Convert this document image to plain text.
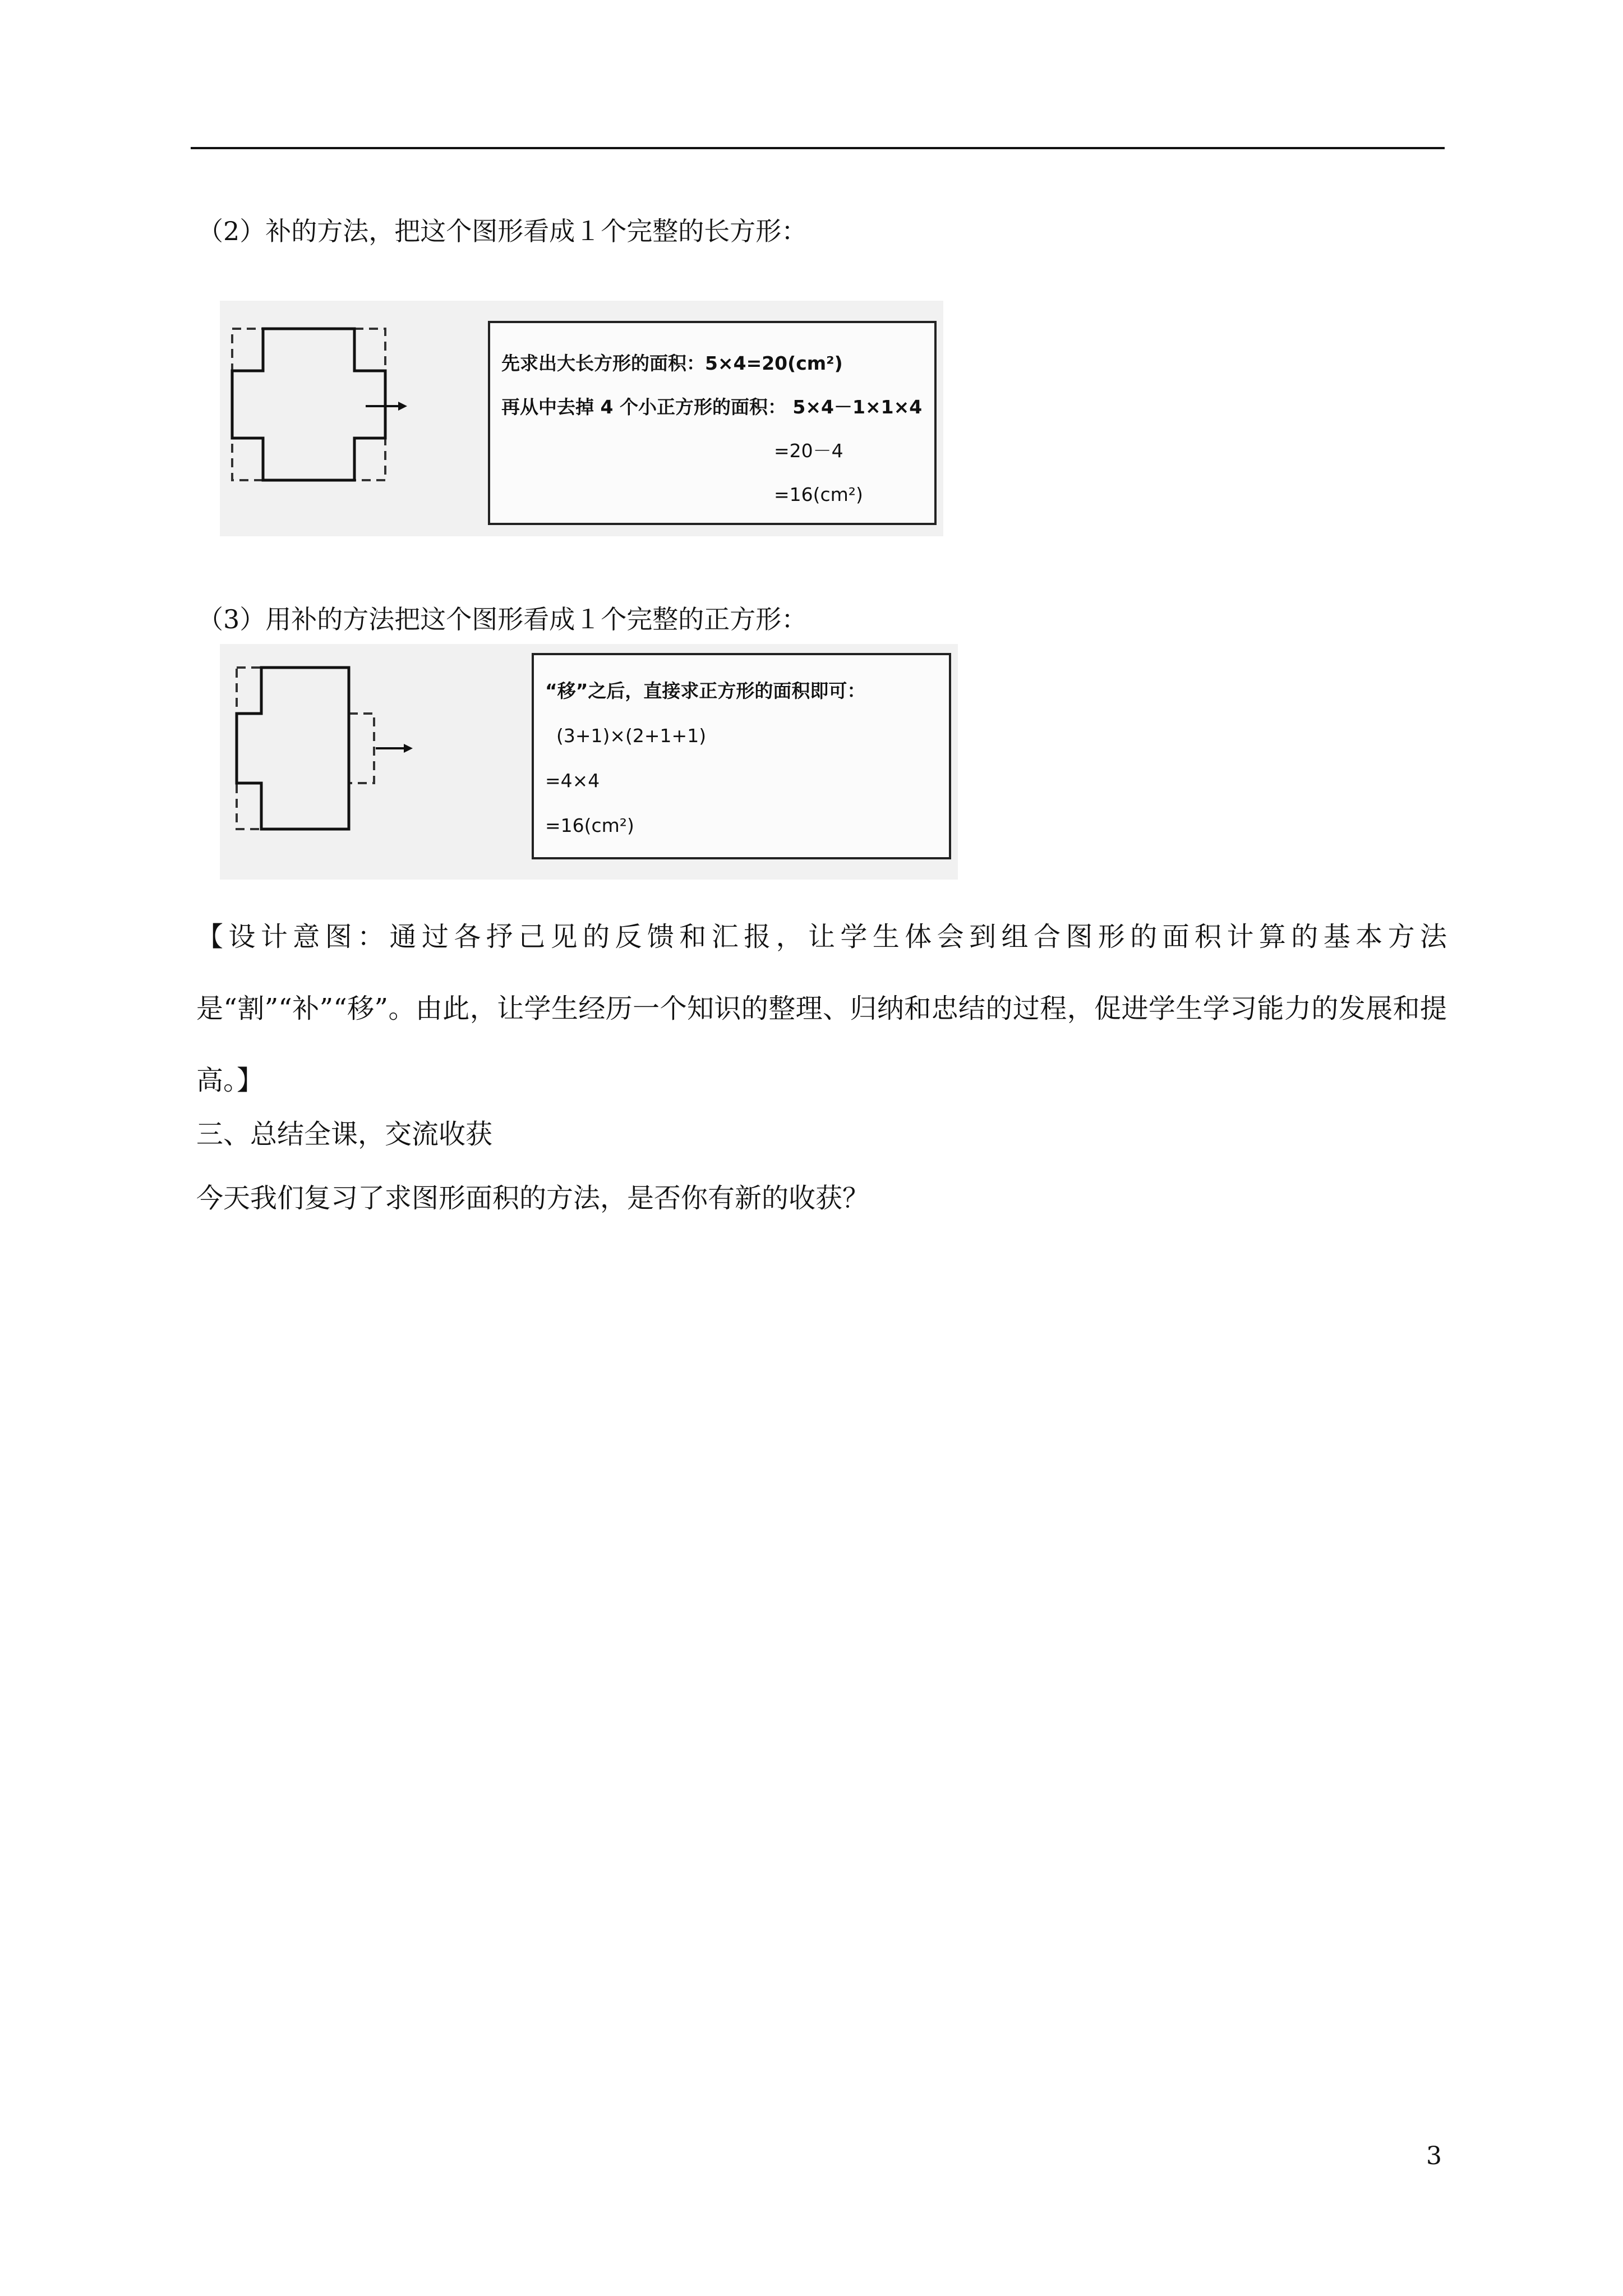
（2）补的方法，把这个图形看成１个完整的长方形：
先求出大长方形的面积：5×4=20(cm²)
再从中去掉 4 个小正方形的面积： 5×4－1×1×4
=20－4
=16(cm²)
（3）用补的方法把这个图形看成１个完整的正方形：
“移”之后，直接求正方形的面积即可：
(3+1)×(2+1+1)
=4×4
=16(cm²)
【设计意图：通过各抒己见的反馈和汇报，让学生体会到组合图形的面积计算的基本方法是“割”“补”“移”。由此，让学生经历一个知识的整理、归纳和忠结的过程，促进学生学习能力的发展和提高。】
三、总结全课，交流收获
今天我们复习了求图形面积的方法，是否你有新的收获？
3
